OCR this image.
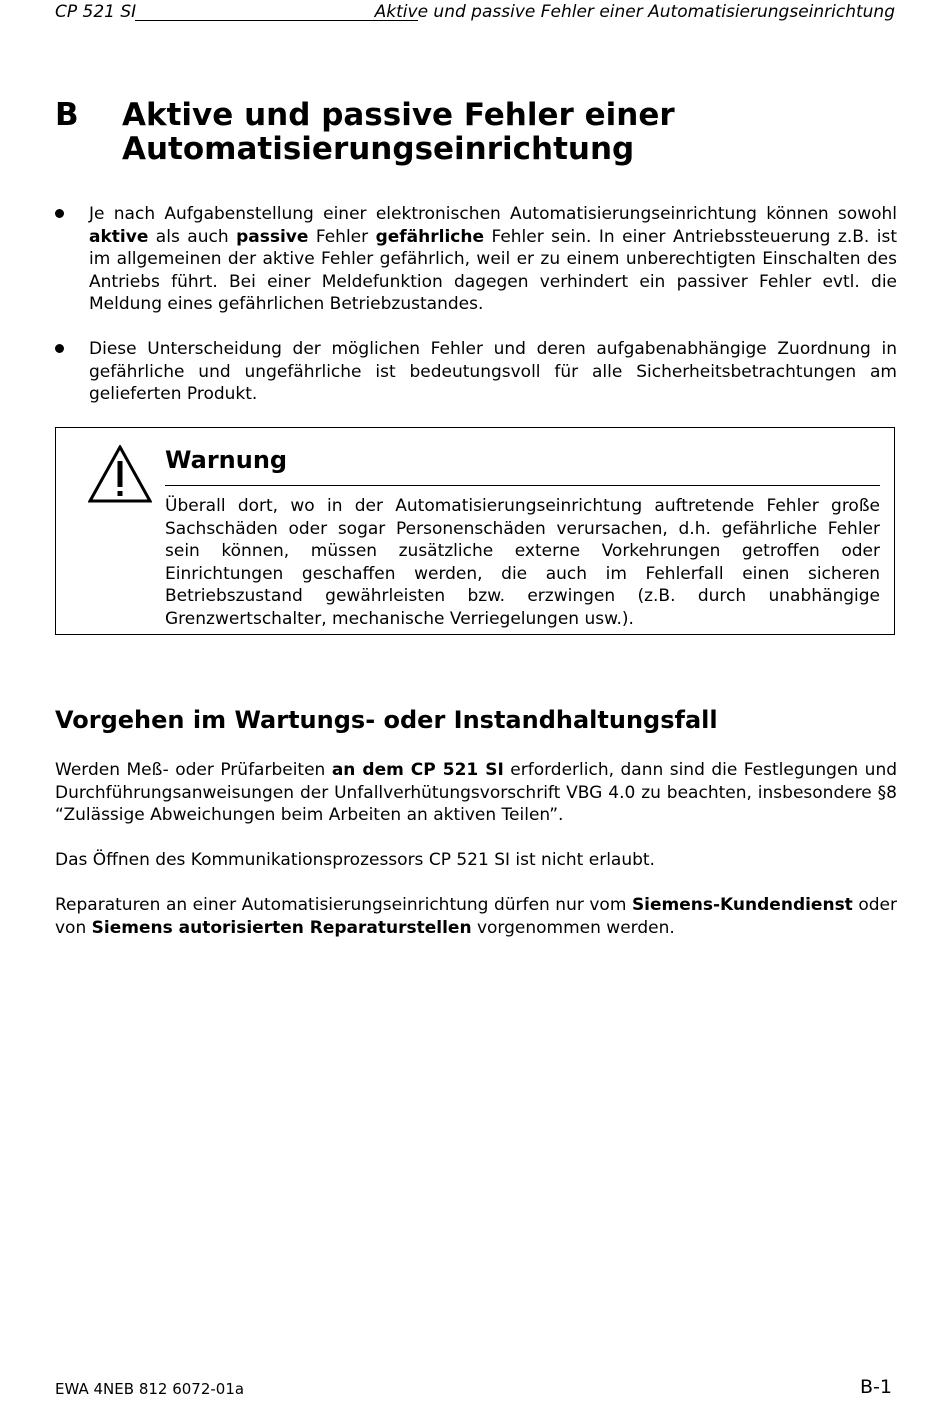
CP 521 SI	Aktive und passive Fehler einer Automatisierungseinrichtung
B Aktive und passive Fehler einer Automatisierungseinrichtung

Je nach Aufgabenstellung einer elektronischen Automatisierungseinrichtung können sowohl aktive als auch passive Fehler gefährliche Fehler sein. In einer Antriebssteuerung z.B. ist im allgemeinen der aktive Fehler gefährlich, weil er zu einem unberechtigten Einschalten des Antriebs führt. Bei einer Meldefunktion dagegen verhindert ein passiver Fehler evtl. die Meldung eines gefährlichen Betriebzustandes.

Diese Unterscheidung der möglichen Fehler und deren aufgabenabhängige Zuordnung in gefährliche und ungefährliche ist bedeutungsvoll für alle Sicherheitsbetrachtungen am gelieferten Produkt.

Warnung

Überall dort, wo in der Automatisierungseinrichtung auftretende Fehler große Sachschäden oder sogar Personenschäden verursachen, d.h. gefährliche Fehler sein können, müssen zusätzliche externe Vorkehrungen getroffen oder Einrichtungen geschaffen werden, die auch im Fehlerfall einen sicheren Betriebszustand gewährleisten bzw. erzwingen (z.B. durch unabhängige Grenzwertschalter, mechanische Verriegelungen usw.).

Vorgehen im Wartungs- oder Instandhaltungsfall

Werden Meß- oder Prüfarbeiten an dem CP 521 SI erforderlich, dann sind die Festlegungen und Durchführungsanweisungen der Unfallverhütungsvorschrift VBG 4.0 zu beachten, insbesondere §8 “Zulässige Abweichungen beim Arbeiten an aktiven Teilen”.

Das Öffnen des Kommunikationsprozessors CP 521 SI ist nicht erlaubt.

Reparaturen an einer Automatisierungseinrichtung dürfen nur vom Siemens-Kundendienst oder von Siemens autorisierten Reparaturstellen vorgenommen werden.

EWA 4NEB 812 6072-01a	B-1
